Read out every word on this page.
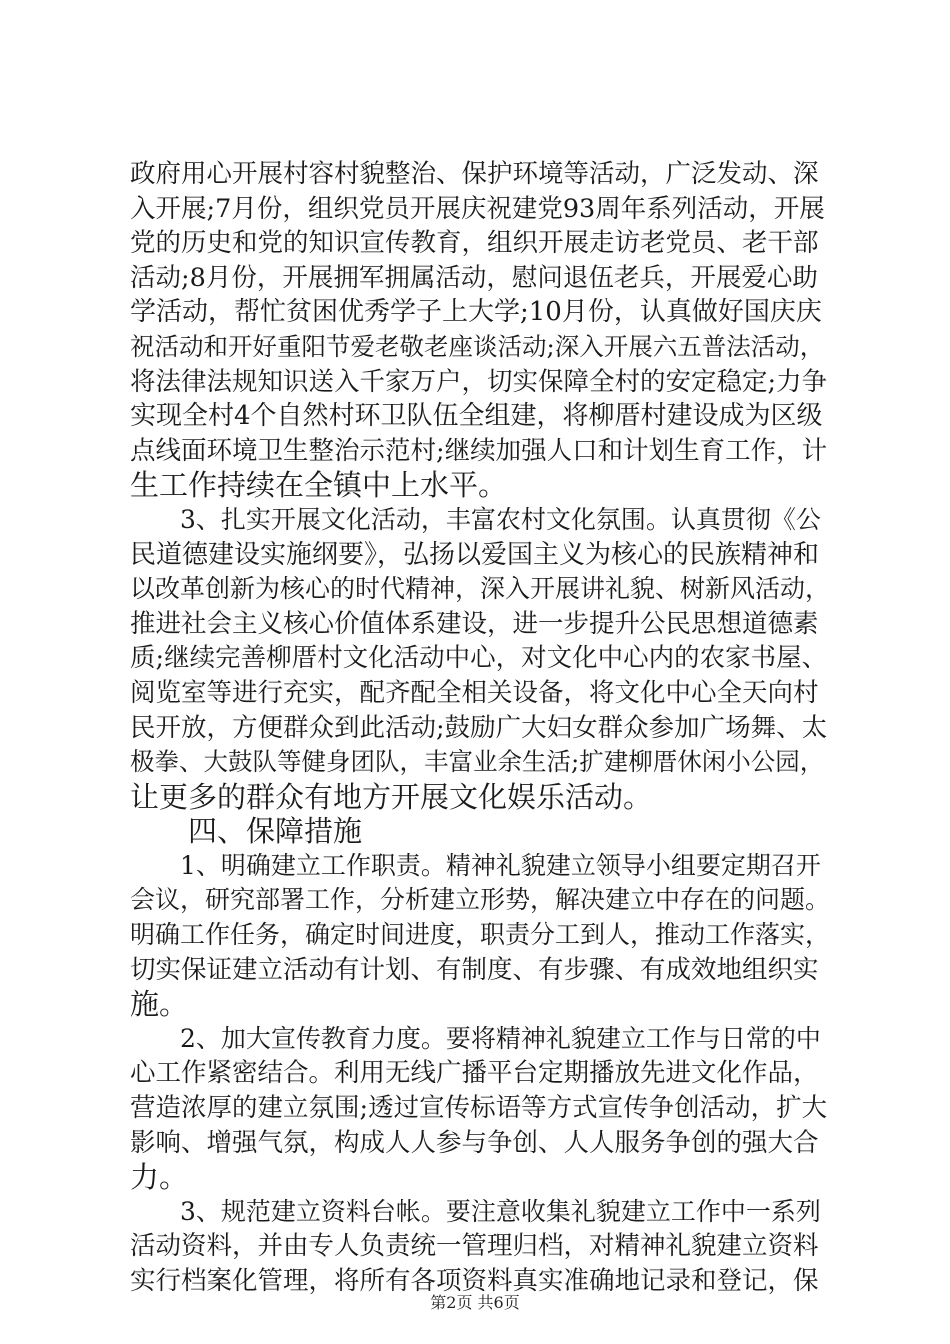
政府用心开展村容村貌整治、保护环境等活动，广泛发动、深
入开展;7月份，组织党员开展庆祝建党93周年系列活动，开展
党的历史和党的知识宣传教育，组织开展走访老党员、老干部
活动;8月份，开展拥军拥属活动，慰问退伍老兵，开展爱心助
学活动，帮忙贫困优秀学子上大学;10月份，认真做好国庆庆
祝活动和开好重阳节爱老敬老座谈活动;深入开展六五普法活动，
将法律法规知识送入千家万户，切实保障全村的安定稳定;力争
实现全村4个自然村环卫队伍全组建，将柳厝村建设成为区级
点线面环境卫生整治示范村;继续加强人口和计划生育工作，计
生工作持续在全镇中上水平。
　　3、扎实开展文化活动，丰富农村文化氛围。认真贯彻《公
民道德建设实施纲要》，弘扬以爱国主义为核心的民族精神和
以改革创新为核心的时代精神，深入开展讲礼貌、树新风活动，
推进社会主义核心价值体系建设，进一步提升公民思想道德素
质;继续完善柳厝村文化活动中心，对文化中心内的农家书屋、
阅览室等进行充实，配齐配全相关设备，将文化中心全天向村
民开放，方便群众到此活动;鼓励广大妇女群众参加广场舞、太
极拳、大鼓队等健身团队，丰富业余生活;扩建柳厝休闲小公园，
让更多的群众有地方开展文化娱乐活动。
　　四、保障措施
　　1、明确建立工作职责。精神礼貌建立领导小组要定期召开
会议，研究部署工作，分析建立形势，解决建立中存在的问题。
明确工作任务，确定时间进度，职责分工到人，推动工作落实，
切实保证建立活动有计划、有制度、有步骤、有成效地组织实
施。
　　2、加大宣传教育力度。要将精神礼貌建立工作与日常的中
心工作紧密结合。利用无线广播平台定期播放先进文化作品，
营造浓厚的建立氛围;透过宣传标语等方式宣传争创活动，扩大
影响、增强气氛，构成人人参与争创、人人服务争创的强大合
力。
　　3、规范建立资料台帐。要注意收集礼貌建立工作中一系列
活动资料，并由专人负责统一管理归档，对精神礼貌建立资料
实行档案化管理，将所有各项资料真实准确地记录和登记，保
第2页 共6页
